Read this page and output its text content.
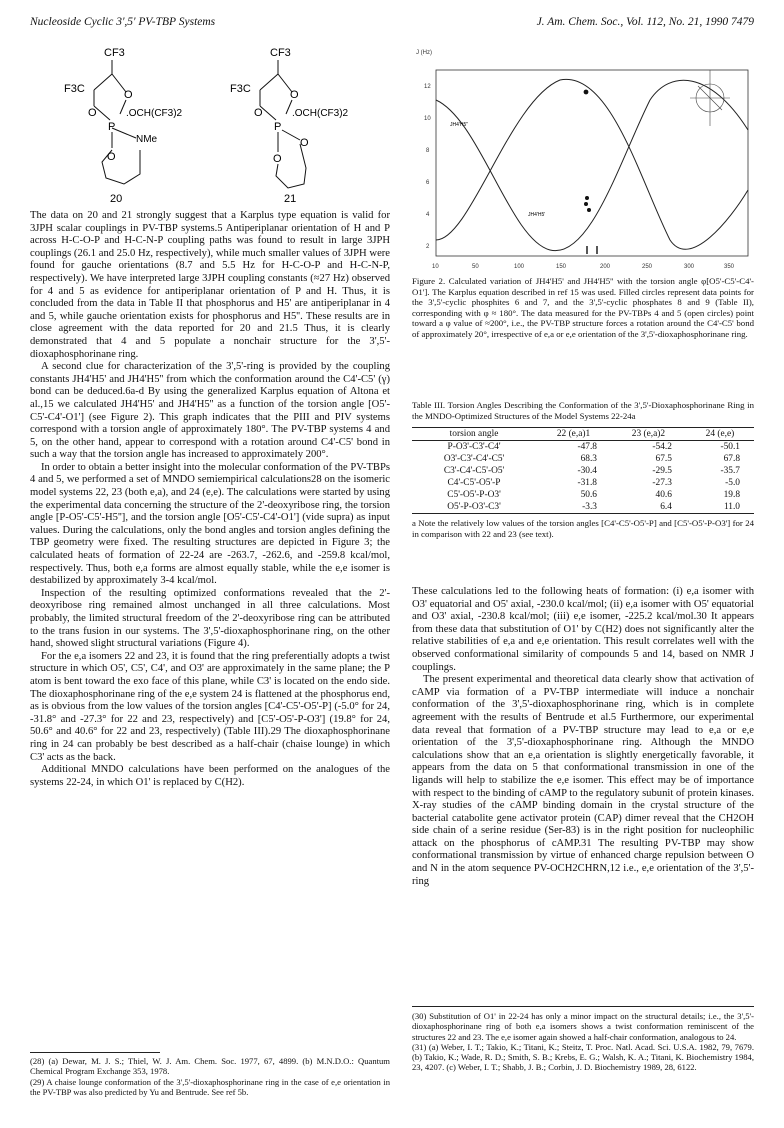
Nucleoside Cyclic 3',5' PV-TBP Systems	J. Am. Chem. Soc., Vol. 112, No. 21, 1990 7479
CF3
F3C	O
O
P
.OCH(CF3)2
NMe
O
20
CF3
F3C	O
O
P
.OCH(CF3)2
O
O
21

The data on 20 and 21 strongly suggest that a Karplus type equation is valid for 3JPH scalar couplings in PV-TBP systems.5 Antiperiplanar orientation of H and P across H-C-O-P and H-C-N-P coupling paths was found to result in large 3JPH couplings (26.1 and 25.0 Hz, respectively), while much smaller values of 3JPH were found for gauche orientations (8.7 and 5.5 Hz for H-C-O-P and H-C-N-P, respectively). We have interpreted large 3JPH coupling constants (≈27 Hz) observed for 4 and 5 as evidence for antiperiplanar orientation of P and H. Thus, it is concluded from the data in Table II that phosphorus and H5' are antiperiplanar in 4 and 5, while gauche orientation exists for phosphorus and H5''. These results are in close agreement with the data reported for 20 and 21.5 Thus, it is clearly demonstrated that 4 and 5 populate a nonchair structure for the 3',5'-dioxaphosphorinane ring.

A second clue for characterization of the 3',5'-ring is provided by the coupling constants JH4'H5' and JH4'H5'' from which the conformation around the C4'-C5' (γ) bond can be deduced.6a-d By using the generalized Karplus equation of Altona et al.,15 we calculated JH4'H5' and JH4'H5'' as a function of the torsion angle [O5'-C5'-C4'-O1'] (see Figure 2). This graph indicates that the PIII and PIV systems correspond with a torsion angle of approximately 180°. The PV-TBP systems 4 and 5, on the other hand, appear to correspond with a rotation around C4'-C5' bond in such a way that the torsion angle has increased to approximately 200°.

In order to obtain a better insight into the molecular conformation of the PV-TBPs 4 and 5, we performed a set of MNDO semiempirical calculations28 on the isomeric model systems 22, 23 (both e,a), and 24 (e,e). The calculations were started by using the experimental data concerning the structure of the 2'-deoxyribose ring, the torsion angle [P-O5'-C5'-H5''], and the torsion angle [O5'-C5'-C4'-O1'] (vide supra) as input values. During the calculations, only the bond angles and torsion angles defining the TBP geometry were fixed. The resulting structures are depicted in Figure 3; the calculated heats of formation of 22-24 are -263.7, -262.6, and -259.8 kcal/mol, respectively. Thus, both e,a forms are almost equally stable, while the e,e isomer is destabilized by approximately 3-4 kcal/mol.

Inspection of the resulting optimized conformations revealed that the 2'-deoxyribose ring remained almost unchanged in all three calculations. Most probably, the limited structural freedom of the 2'-deoxyribose ring can be attributed to the trans fusion in our systems. The 3',5'-dioxaphosphorinane ring, on the other hand, showed slight structural variations (Figure 4).

For the e,a isomers 22 and 23, it is found that the ring preferentially adopts a twist structure in which O5', C5', C4', and O3' are approximately in the same plane; the P atom is bent toward the exo face of this plane, while C3' is located on the endo side. The dioxaphosphorinane ring of the e,e system 24 is flattened at the phosphorus end, as is obvious from the low values of the torsion angles [C4'-C5'-O5'-P] (-5.0° for 24, -31.8° and -27.3° for 22 and 23, respectively) and [C5'-O5'-P-O3'] (19.8° for 24, 50.6° and 40.6° for 22 and 23, respectively) (Table III).29 The dioxaphosphorinane ring in 24 can probably be best described as a half-chair (chaise lounge) in which C3' acts as the back.

Additional MNDO calculations have been performed on the analogues of the systems 22-24, in which O1' is replaced by C(H2).

(28) (a) Dewar, M. J. S.; Thiel, W. J. Am. Chem. Soc. 1977, 67, 4899. (b) M.N.D.O.: Quantum Chemical Program Exchange 353, 1978.

(29) A chaise lounge conformation of the 3',5'-dioxaphosphorinane ring in the case of e,e orientation in the PV-TBP was also predicted by Yu and Bentrude. See ref 5b.

J (Hz)
12
10
8
6
4
2
10	50	100	150	200	250	300	350
JH4'H5''
JH4'H5'
Figure 2. Calculated variation of JH4'H5' and JH4'H5'' with the torsion angle φ[O5'-C5'-C4'-O1']. The Karplus equation described in ref 15 was used. Filled circles represent data points for the 3',5'-cyclic phosphites 6 and 7, and the 3',5'-cyclic phosphates 8 and 9 (Table II), corresponding with φ ≈ 180°. The data measured for the PV-TBPs 4 and 5 (open circles) point toward a φ value of ≈200°, i.e., the PV-TBP structure forces a rotation around the C4'-C5' bond of approximately 20°, irrespective of e,a or e,e orientation of the 3',5'-dioxaphosphorinane ring.
Table III. Torsion Angles Describing the Conformation of the 3',5'-Dioxaphosphorinane Ring in the MNDO-Optimized Structures of the Model Systems 22-24a
torsion angle	22 (e,a)1	23 (e,a)2	24 (e,e)
P-O3'-C3'-C4'	-47.8	-54.2	-50.1
O3'-C3'-C4'-C5'	68.3	67.5	67.8
C3'-C4'-C5'-O5'	-30.4	-29.5	-35.7
C4'-C5'-O5'-P	-31.8	-27.3	-5.0
C5'-O5'-P-O3'	50.6	40.6	19.8
O5'-P-O3'-C3'	-3.3	6.4	11.0
a Note the relatively low values of the torsion angles [C4'-C5'-O5'-P] and [C5'-O5'-P-O3'] for 24 in comparison with 22 and 23 (see text).

These calculations led to the following heats of formation: (i) e,a isomer with O3' equatorial and O5' axial, -230.0 kcal/mol; (ii) e,a isomer with O5' equatorial and O3' axial, -230.8 kcal/mol; (iii) e,e isomer, -225.2 kcal/mol.30 It appears from these data that substitution of O1' by C(H2) does not significantly alter the relative stabilities of e,a and e,e orientation. This result correlates well with the observed conformational similarity of compounds 5 and 14, based on NMR J couplings.

The present experimental and theoretical data clearly show that activation of cAMP via formation of a PV-TBP intermediate will induce a nonchair conformation of the 3',5'-dioxaphosphorinane ring, which is in complete agreement with the results of Bentrude et al.5 Furthermore, our experimental data reveal that formation of a PV-TBP structure may lead to e,a or e,e orientation of the 3',5'-dioxaphosphorinane ring. Although the MNDO calculations show that an e,a orientation is slightly energetically favorable, it appears from the data on 5 that conformational transmission in one of the ligands will help to stabilize the e,e isomer. This effect may be of importance with respect to the binding of cAMP to the regulatory subunit of protein kinases. X-ray studies of the cAMP binding domain in the crystal structure of the bacterial catabolite gene activator protein (CAP) dimer reveal that the CH2OH side chain of a serine residue (Ser-83) is in the right position for nucleophilic attack on the phosphorus of cAMP.31 The resulting PV-TBP may show conformational transmission by virtue of enhanced charge repulsion between O and N in the atom sequence PV-OCH2CHRN,12 i.e., e,e orientation of the 3',5'-ring

(30) Substitution of O1' in 22-24 has only a minor impact on the structural details; i.e., the 3',5'-dioxaphosphorinane ring of both e,a isomers shows a twist conformation reminiscent of the structures 22 and 23. The e,e isomer again showed a half-chair conformation, analogous to 24.

(31) (a) Weber, I. T.; Takio, K.; Titani, K.; Steitz, T. Proc. Natl. Acad. Sci. U.S.A. 1982, 79, 7679. (b) Takio, K.; Wade, R. D.; Smith, S. B.; Krebs, E. G.; Walsh, K. A.; Titani, K. Biochemistry 1984, 23, 4207. (c) Weber, I. T.; Shabb, J. B.; Corbin, J. D. Biochemistry 1989, 28, 6122.
